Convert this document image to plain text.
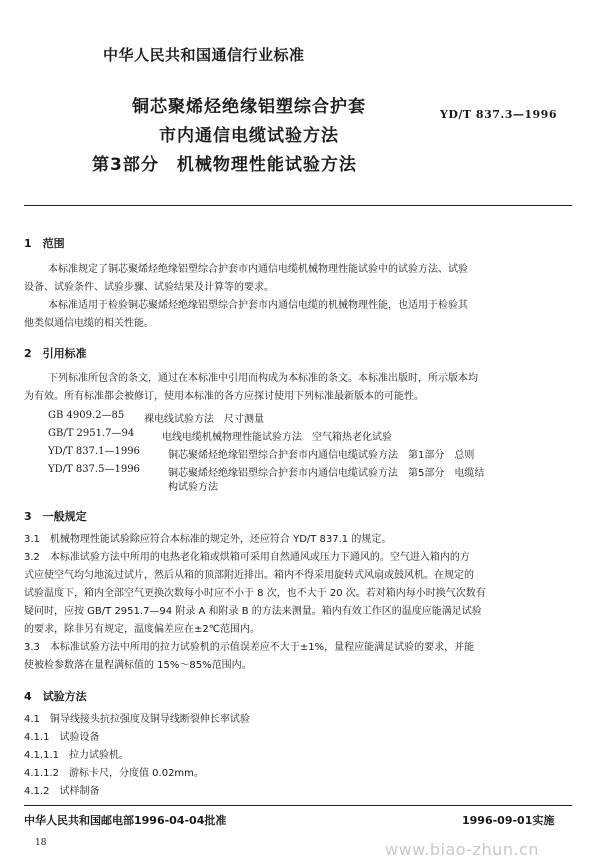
中华人民共和国通信行业标准
铜芯聚烯烃绝缘铝塑综合护套
市内通信电缆试验方法
第3部分　机械物理性能试验方法
YD/T 837.3—1996
1　范围
本标准规定了铜芯聚烯烃绝缘铝塑综合护套市内通信电缆机械物理性能试验中的试验方法、试验
设备、试验条件、试验步骤、试验结果及计算等的要求。
本标准适用于检验铜芯聚烯烃绝缘铝塑综合护套市内通信电缆的机械物理性能，也适用于检验其
他类似通信电缆的相关性能。
2　引用标准
下列标准所包含的条文，通过在本标准中引用而构成为本标准的条文。本标准出版时，所示版本均
为有效。所有标准都会被修订，使用本标准的各方应探讨使用下列标准最新版本的可能性。
GB 4909.2—85 裸电线试验方法　尺寸测量
GB/T 2951.7—94	电线电缆机械物理性能试验方法　空气箱热老化试验
YD/T 837.1—1996	铜芯聚烯烃绝缘铝塑综合护套市内通信电缆试验方法　第1部分　总则
YD/T 837.5—1996	铜芯聚烯烃绝缘铝塑综合护套市内通信电缆试验方法　第5部分　电缆结
构试验方法
3　一般规定
3.1　机械物理性能试验除应符合本标准的规定外，还应符合 YD/T 837.1 的规定。
3.2　本标准试验方法中所用的电热老化箱或烘箱可采用自然通风或压力下通风的。空气进入箱内的方
式应使空气均匀地流过试片，然后从箱的顶部附近排出。箱内不得采用旋转式风扇或鼓风机。在规定的
试验温度下，箱内全部空气更换次数每小时应不小于 8 次，也不大于 20 次。若对箱内每小时换气次数有
疑问时，应按 GB/T 2951.7—94 附录 A 和附录 B 的方法来测量。箱内有效工作区的温度应能满足试验
的要求，除非另有规定，温度偏差应在±2℃范围内。
3.3　本标准试验方法中所用的拉力试验机的示值误差应不大于±1%，量程应能满足试验的要求，并能
使被检参数落在量程满标值的 15%～85%范围内。
4　试验方法
4.1　铜导线接头抗拉强度及铜导线断裂伸长率试验
4.1.1　试验设备
4.1.1.1　拉力试验机。
4.1.1.2　游标卡尺，分度值 0.02mm。
4.1.2　试样制备
中华人民共和国邮电部1996-04-04批准	1996-09-01实施
18	www.biao-zhun.cn
